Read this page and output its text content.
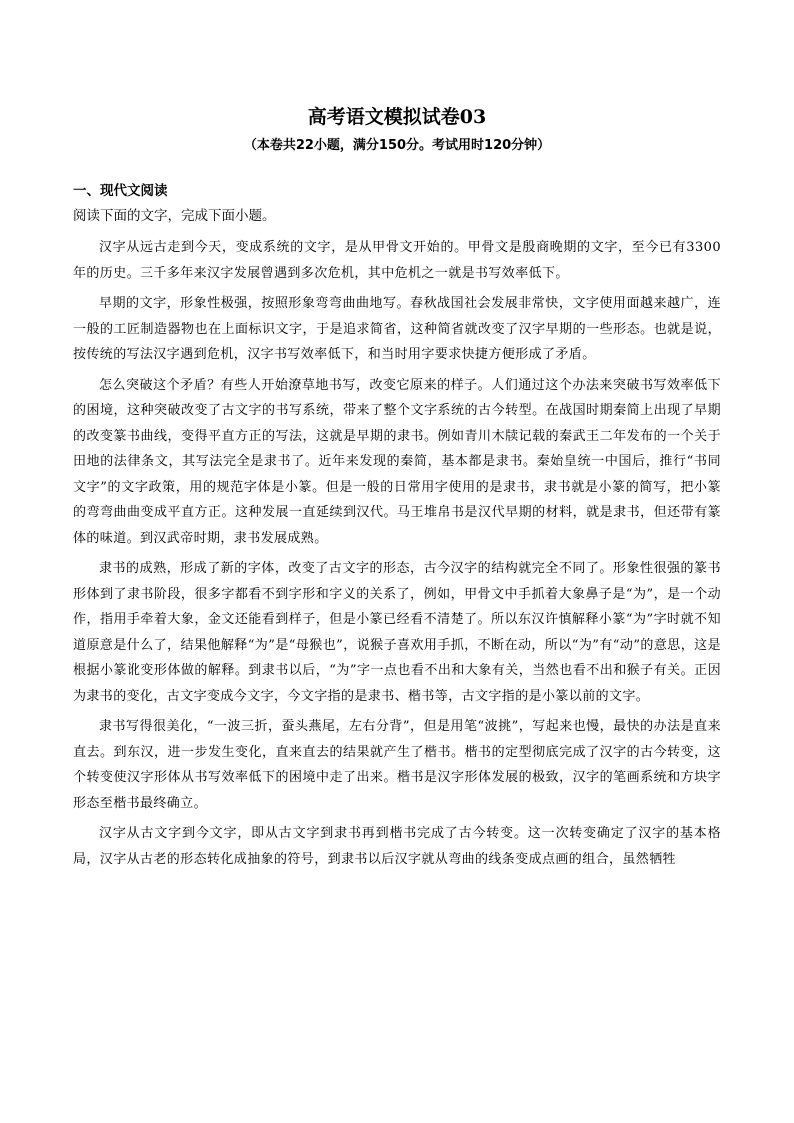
高考语文模拟试卷03
（本卷共22小题，满分150分。考试用时120分钟）
一、现代文阅读
阅读下面的文字，完成下面小题。

汉字从远古走到今天，变成系统的文字，是从甲骨文开始的。甲骨文是殷商晚期的文字，至今已有3300年的历史。三千多年来汉字发展曾遇到多次危机，其中危机之一就是书写效率低下。

早期的文字，形象性极强，按照形象弯弯曲曲地写。春秋战国社会发展非常快，文字使用面越来越广，连一般的工匠制造器物也在上面标识文字，于是追求简省，这种简省就改变了汉字早期的一些形态。也就是说，按传统的写法汉字遇到危机，汉字书写效率低下，和当时用字要求快捷方便形成了矛盾。

怎么突破这个矛盾？有些人开始潦草地书写，改变它原来的样子。人们通过这个办法来突破书写效率低下的困境，这种突破改变了古文字的书写系统，带来了整个文字系统的古今转型。在战国时期秦简上出现了早期的改变篆书曲线，变得平直方正的写法，这就是早期的隶书。例如青川木牍记载的秦武王二年发布的一个关于田地的法律条文，其写法完全是隶书了。近年来发现的秦简，基本都是隶书。秦始皇统一中国后，推行“书同文字”的文字政策，用的规范字体是小篆。但是一般的日常用字使用的是隶书，隶书就是小篆的简写，把小篆的弯弯曲曲变成平直方正。这种发展一直延续到汉代。马王堆帛书是汉代早期的材料，就是隶书，但还带有篆体的味道。到汉武帝时期，隶书发展成熟。

隶书的成熟，形成了新的字体，改变了古文字的形态，古今汉字的结构就完全不同了。形象性很强的篆书形体到了隶书阶段，很多字都看不到字形和字义的关系了，例如，甲骨文中手抓着大象鼻子是“为”，是一个动作，指用手牵着大象，金文还能看到样子，但是小篆已经看不清楚了。所以东汉许慎解释小篆“为”字时就不知道原意是什么了，结果他解释“为”是“母猴也”，说猴子喜欢用手抓，不断在动，所以“为”有“动”的意思，这是根据小篆讹变形体做的解释。到隶书以后，“为”字一点也看不出和大象有关，当然也看不出和猴子有关。正因为隶书的变化，古文字变成今文字，今文字指的是隶书、楷书等，古文字指的是小篆以前的文字。

隶书写得很美化，“一波三折，蚕头燕尾，左右分背”，但是用笔“波挑”，写起来也慢，最快的办法是直来直去。到东汉，进一步发生变化，直来直去的结果就产生了楷书。楷书的定型彻底完成了汉字的古今转变，这个转变使汉字形体从书写效率低下的困境中走了出来。楷书是汉字形体发展的极致，汉字的笔画系统和方块字形态至楷书最终确立。

汉字从古文字到今文字，即从古文字到隶书再到楷书完成了古今转变。这一次转变确定了汉字的基本格局，汉字从古老的形态转化成抽象的符号，到隶书以后汉字就从弯曲的线条变成点画的组合，虽然牺牲
